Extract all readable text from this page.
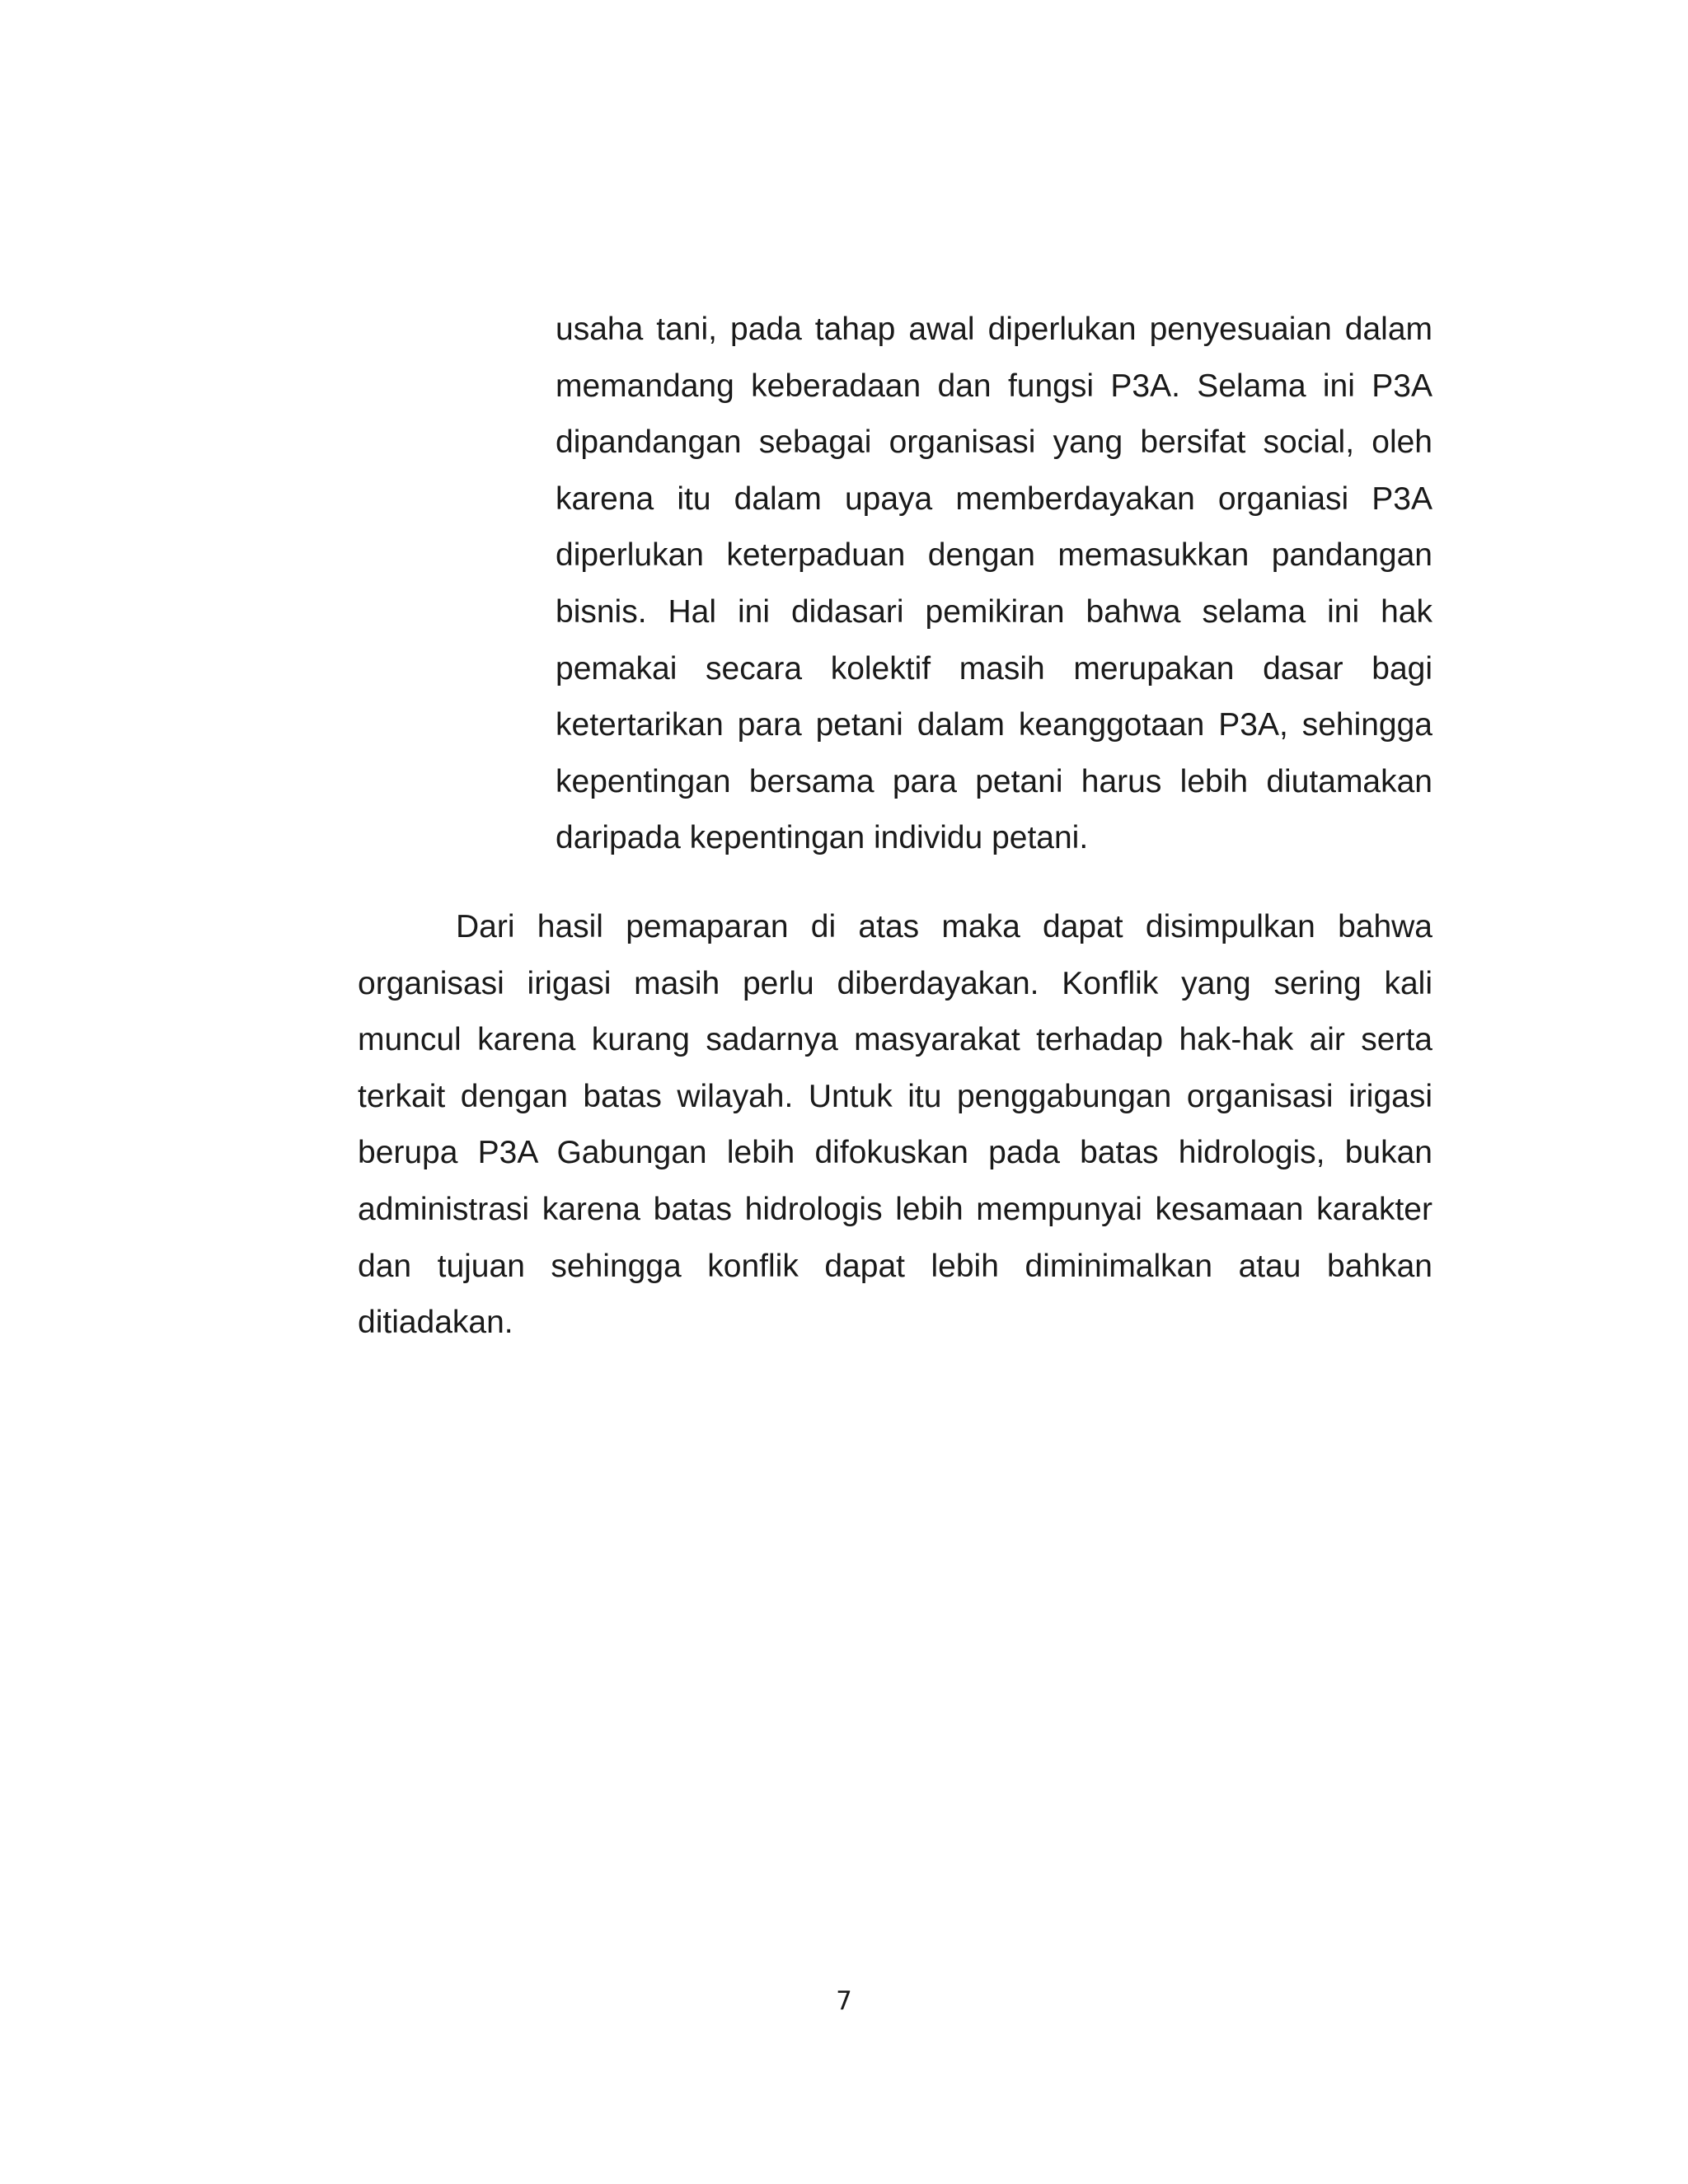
usaha tani, pada tahap awal diperlukan penyesuaian dalam memandang keberadaan dan fungsi P3A. Selama ini P3A dipandangan sebagai organisasi yang bersifat social, oleh karena itu dalam upaya memberdayakan organiasi P3A diperlukan keterpaduan dengan memasukkan pandangan bisnis. Hal ini didasari pemikiran bahwa selama ini hak pemakai secara kolektif masih merupakan dasar bagi ketertarikan para petani dalam keanggotaan P3A, sehingga kepentingan bersama para petani harus lebih diutamakan daripada kepentingan individu petani.

Dari hasil pemaparan di atas maka dapat disimpulkan bahwa organisasi irigasi masih perlu diberdayakan. Konflik yang sering kali muncul karena kurang sadarnya masyarakat terhadap hak-hak air serta terkait dengan batas wilayah. Untuk itu penggabungan organisasi irigasi berupa P3A Gabungan lebih difokuskan pada batas hidrologis, bukan administrasi karena batas hidrologis lebih mempunyai kesamaan karakter dan tujuan sehingga konflik dapat lebih diminimalkan atau bahkan ditiadakan.

7
